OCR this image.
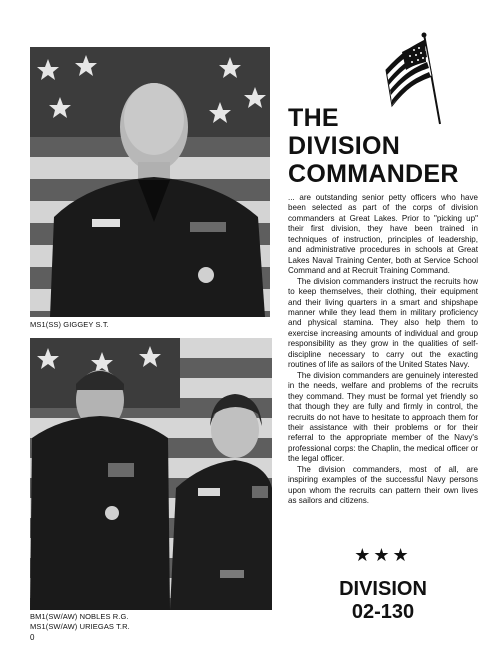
MS1(SS) GIGGEY S.T.
BM1(SW/AW) NOBLES R.G.
MS1(SW/AW) URIEGAS T.R.
0
THE
DIVISION
COMMANDER

... are outstanding senior petty officers who have been selected as part of the corps of division commanders at Great Lakes. Prior to "picking up" their first division, they have been trained in techniques of instruction, principles of leadership, and administrative procedures in schools at Great Lakes Naval Training Center, both at Service School Command and at Recruit Training Command.

The division commanders instruct the recruits how to keep themselves, their clothing, their equipment and their living quarters in a smart and shipshape manner while they lead them in military proficiency and physical stamina. They also help them to exercise increasing amounts of individual and group responsibility as they grow in the qualities of self-discipline necessary to carry out the exacting routines of life as sailors of the United States Navy.

The division commanders are genuinely interested in the needs, welfare and problems of the recruits they command. They must be formal yet friendly so that though they are fully and firmly in control, the recruits do not have to hesitate to approach them for their assistance with their problems or for their referral to the appropriate member of the Navy's professional corps: the Chaplin, the medical officer or the legal officer.

The division commanders, most of all, are inspiring examples of the successful Navy persons upon whom the recruits can pattern their own lives as sailors and citizens.

★★★
DIVISION
02-130
